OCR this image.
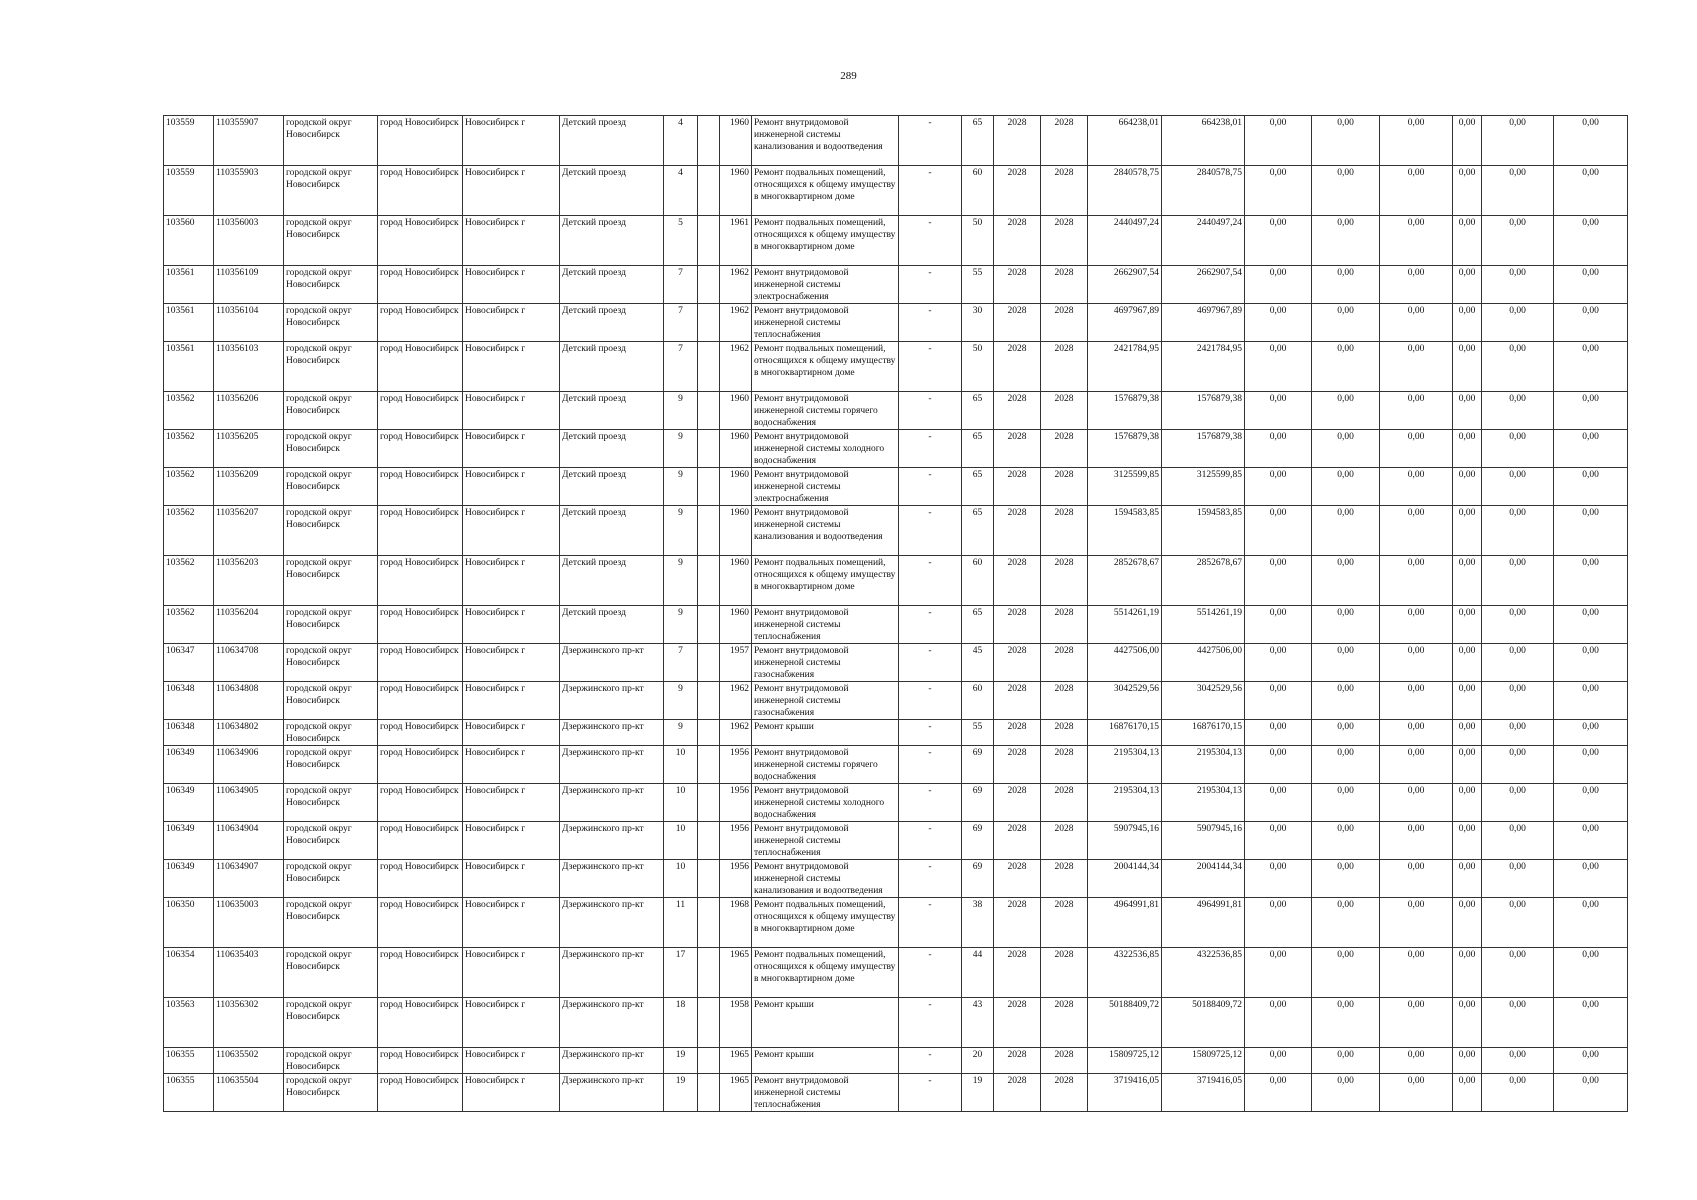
289
103559	110355907	городской округ Новосибирск	город Новосибирск	Новосибирск г	Детский проезд	4		1960	Ремонт внутридомовой инженерной системы канализования и водоотведения	-	65	2028	2028	664238,01	664238,01	0,00	0,00	0,00	0,00	0,00	0,00
103559	110355903	городской округ Новосибирск	город Новосибирск	Новосибирск г	Детский проезд	4		1960	Ремонт подвальных помещений, относящихся к общему имуществу в многоквартирном доме	-	60	2028	2028	2840578,75	2840578,75	0,00	0,00	0,00	0,00	0,00	0,00
103560	110356003	городской округ Новосибирск	город Новосибирск	Новосибирск г	Детский проезд	5		1961	Ремонт подвальных помещений, относящихся к общему имуществу в многоквартирном доме	-	50	2028	2028	2440497,24	2440497,24	0,00	0,00	0,00	0,00	0,00	0,00
103561	110356109	городской округ Новосибирск	город Новосибирск	Новосибирск г	Детский проезд	7		1962	Ремонт внутридомовой инженерной системы электроснабжения	-	55	2028	2028	2662907,54	2662907,54	0,00	0,00	0,00	0,00	0,00	0,00
103561	110356104	городской округ Новосибирск	город Новосибирск	Новосибирск г	Детский проезд	7		1962	Ремонт внутридомовой инженерной системы теплоснабжения	-	30	2028	2028	4697967,89	4697967,89	0,00	0,00	0,00	0,00	0,00	0,00
103561	110356103	городской округ Новосибирск	город Новосибирск	Новосибирск г	Детский проезд	7		1962	Ремонт подвальных помещений, относящихся к общему имуществу в многоквартирном доме	-	50	2028	2028	2421784,95	2421784,95	0,00	0,00	0,00	0,00	0,00	0,00
103562	110356206	городской округ Новосибирск	город Новосибирск	Новосибирск г	Детский проезд	9		1960	Ремонт внутридомовой инженерной системы горячего водоснабжения	-	65	2028	2028	1576879,38	1576879,38	0,00	0,00	0,00	0,00	0,00	0,00
103562	110356205	городской округ Новосибирск	город Новосибирск	Новосибирск г	Детский проезд	9		1960	Ремонт внутридомовой инженерной системы холодного водоснабжения	-	65	2028	2028	1576879,38	1576879,38	0,00	0,00	0,00	0,00	0,00	0,00
103562	110356209	городской округ Новосибирск	город Новосибирск	Новосибирск г	Детский проезд	9		1960	Ремонт внутридомовой инженерной системы электроснабжения	-	65	2028	2028	3125599,85	3125599,85	0,00	0,00	0,00	0,00	0,00	0,00
103562	110356207	городской округ Новосибирск	город Новосибирск	Новосибирск г	Детский проезд	9		1960	Ремонт внутридомовой инженерной системы канализования и водоотведения	-	65	2028	2028	1594583,85	1594583,85	0,00	0,00	0,00	0,00	0,00	0,00
103562	110356203	городской округ Новосибирск	город Новосибирск	Новосибирск г	Детский проезд	9		1960	Ремонт подвальных помещений, относящихся к общему имуществу в многоквартирном доме	-	60	2028	2028	2852678,67	2852678,67	0,00	0,00	0,00	0,00	0,00	0,00
103562	110356204	городской округ Новосибирск	город Новосибирск	Новосибирск г	Детский проезд	9		1960	Ремонт внутридомовой инженерной системы теплоснабжения	-	65	2028	2028	5514261,19	5514261,19	0,00	0,00	0,00	0,00	0,00	0,00
106347	110634708	городской округ Новосибирск	город Новосибирск	Новосибирск г	Дзержинского пр-кт	7		1957	Ремонт внутридомовой инженерной системы газоснабжения	-	45	2028	2028	4427506,00	4427506,00	0,00	0,00	0,00	0,00	0,00	0,00
106348	110634808	городской округ Новосибирск	город Новосибирск	Новосибирск г	Дзержинского пр-кт	9		1962	Ремонт внутридомовой инженерной системы газоснабжения	-	60	2028	2028	3042529,56	3042529,56	0,00	0,00	0,00	0,00	0,00	0,00
106348	110634802	городской округ Новосибирск	город Новосибирск	Новосибирск г	Дзержинского пр-кт	9		1962	Ремонт крыши	-	55	2028	2028	16876170,15	16876170,15	0,00	0,00	0,00	0,00	0,00	0,00
106349	110634906	городской округ Новосибирск	город Новосибирск	Новосибирск г	Дзержинского пр-кт	10		1956	Ремонт внутридомовой инженерной системы горячего водоснабжения	-	69	2028	2028	2195304,13	2195304,13	0,00	0,00	0,00	0,00	0,00	0,00
106349	110634905	городской округ Новосибирск	город Новосибирск	Новосибирск г	Дзержинского пр-кт	10		1956	Ремонт внутридомовой инженерной системы холодного водоснабжения	-	69	2028	2028	2195304,13	2195304,13	0,00	0,00	0,00	0,00	0,00	0,00
106349	110634904	городской округ Новосибирск	город Новосибирск	Новосибирск г	Дзержинского пр-кт	10		1956	Ремонт внутридомовой инженерной системы теплоснабжения	-	69	2028	2028	5907945,16	5907945,16	0,00	0,00	0,00	0,00	0,00	0,00
106349	110634907	городской округ Новосибирск	город Новосибирск	Новосибирск г	Дзержинского пр-кт	10		1956	Ремонт внутридомовой инженерной системы канализования и водоотведения	-	69	2028	2028	2004144,34	2004144,34	0,00	0,00	0,00	0,00	0,00	0,00
106350	110635003	городской округ Новосибирск	город Новосибирск	Новосибирск г	Дзержинского пр-кт	11		1968	Ремонт подвальных помещений, относящихся к общему имуществу в многоквартирном доме	-	38	2028	2028	4964991,81	4964991,81	0,00	0,00	0,00	0,00	0,00	0,00
106354	110635403	городской округ Новосибирск	город Новосибирск	Новосибирск г	Дзержинского пр-кт	17		1965	Ремонт подвальных помещений, относящихся к общему имуществу в многоквартирном доме	-	44	2028	2028	4322536,85	4322536,85	0,00	0,00	0,00	0,00	0,00	0,00
103563	110356302	городской округ Новосибирск	город Новосибирск	Новосибирск г	Дзержинского пр-кт	18		1958	Ремонт крыши	-	43	2028	2028	50188409,72	50188409,72	0,00	0,00	0,00	0,00	0,00	0,00
106355	110635502	городской округ Новосибирск	город Новосибирск	Новосибирск г	Дзержинского пр-кт	19		1965	Ремонт крыши	-	20	2028	2028	15809725,12	15809725,12	0,00	0,00	0,00	0,00	0,00	0,00
106355	110635504	городской округ Новосибирск	город Новосибирск	Новосибирск г	Дзержинского пр-кт	19		1965	Ремонт внутридомовой инженерной системы теплоснабжения	-	19	2028	2028	3719416,05	3719416,05	0,00	0,00	0,00	0,00	0,00	0,00
